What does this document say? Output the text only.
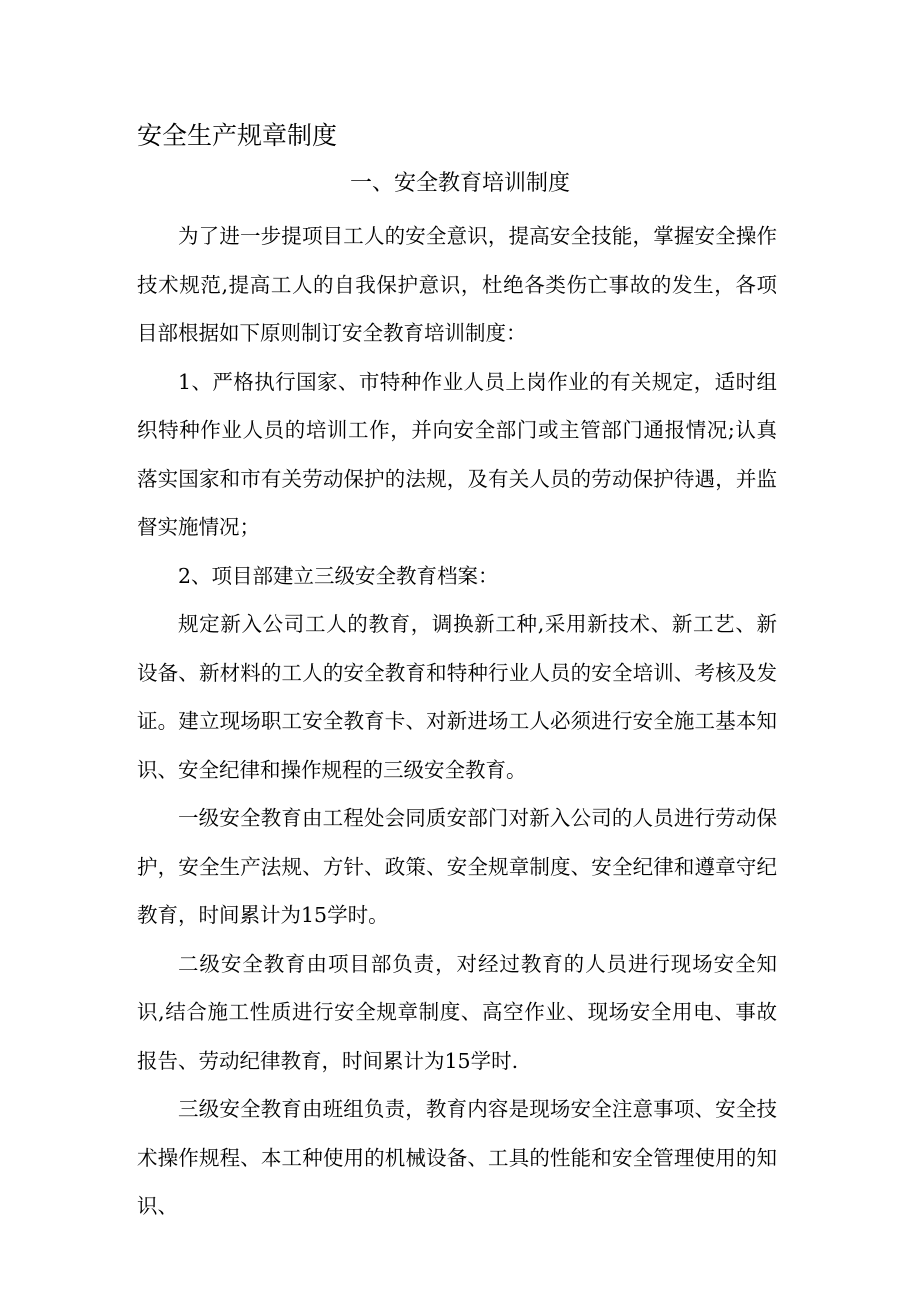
安全生产规章制度
一、安全教育培训制度

为了进一步提项目工人的安全意识，提高安全技能，掌握安全操作技术规范,提高工人的自我保护意识，杜绝各类伤亡事故的发生，各项目部根据如下原则制订安全教育培训制度：

1、严格执行国家、市特种作业人员上岗作业的有关规定，适时组织特种作业人员的培训工作，并向安全部门或主管部门通报情况;认真落实国家和市有关劳动保护的法规，及有关人员的劳动保护待遇，并监督实施情况；

2、项目部建立三级安全教育档案：

规定新入公司工人的教育，调换新工种,采用新技术、新工艺、新设备、新材料的工人的安全教育和特种行业人员的安全培训、考核及发证。建立现场职工安全教育卡、对新进场工人必须进行安全施工基本知识、安全纪律和操作规程的三级安全教育。

一级安全教育由工程处会同质安部门对新入公司的人员进行劳动保护，安全生产法规、方针、政策、安全规章制度、安全纪律和遵章守纪教育，时间累计为15学时。

二级安全教育由项目部负责，对经过教育的人员进行现场安全知识,结合施工性质进行安全规章制度、高空作业、现场安全用电、事故报告、劳动纪律教育，时间累计为15学时.

三级安全教育由班组负责，教育内容是现场安全注意事项、安全技术操作规程、本工种使用的机械设备、工具的性能和安全管理使用的知识、
